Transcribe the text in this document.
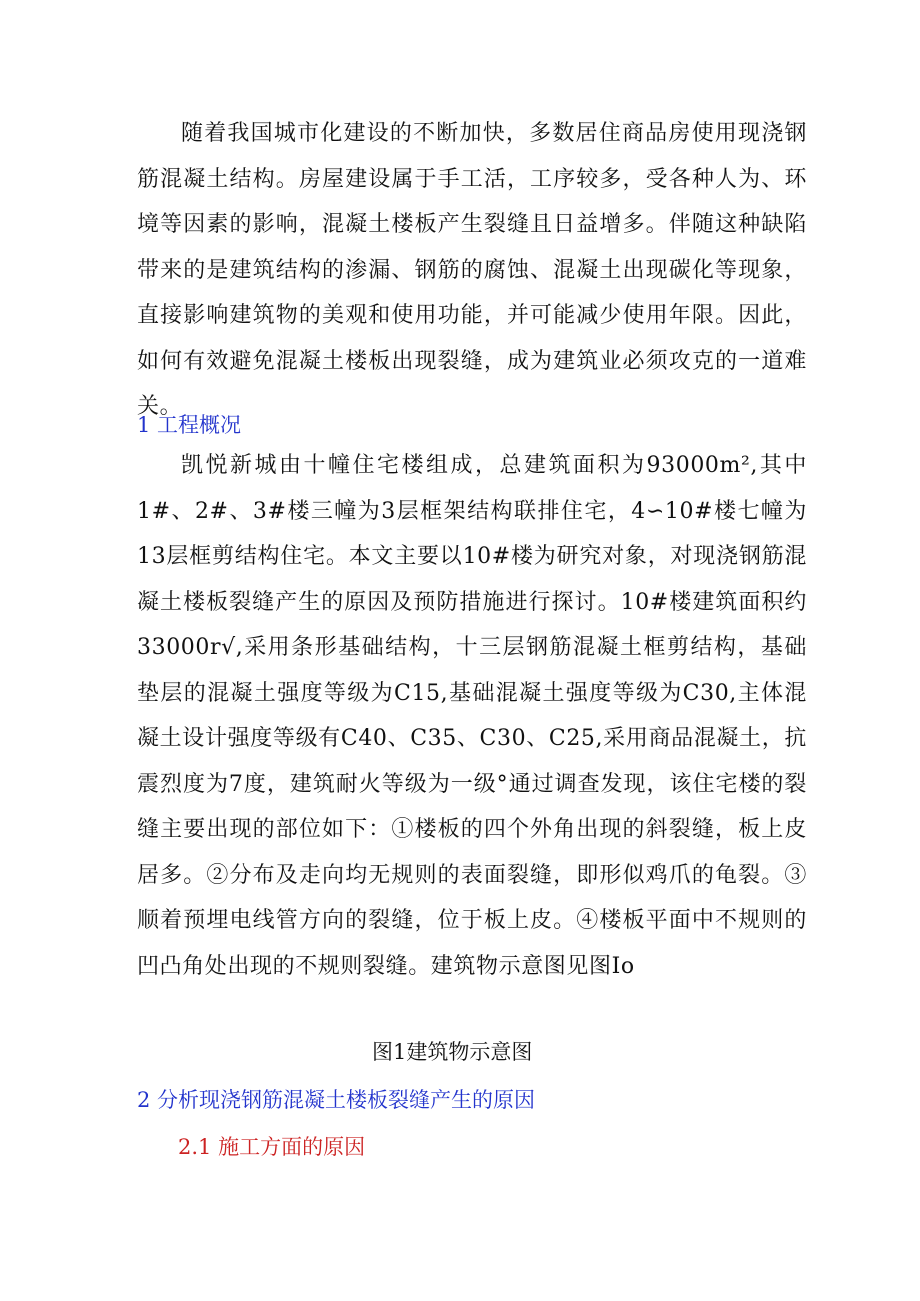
随着我国城市化建设的不断加快，多数居住商品房使用现浇钢筋混凝土结构。房屋建设属于手工活，工序较多，受各种人为、环境等因素的影响，混凝土楼板产生裂缝且日益增多。伴随这种缺陷带来的是建筑结构的渗漏、钢筋的腐蚀、混凝土出现碳化等现象，直接影响建筑物的美观和使用功能，并可能减少使用年限。因此，如何有效避免混凝土楼板出现裂缝，成为建筑业必须攻克的一道难关。

1 工程概况

凯悦新城由十幢住宅楼组成，总建筑面积为93000m²,其中1#、2#、3#楼三幢为3层框架结构联排住宅，4∽10#楼七幢为13层框剪结构住宅。本文主要以10#楼为研究对象，对现浇钢筋混凝土楼板裂缝产生的原因及预防措施进行探讨。10#楼建筑面积约33000r√,采用条形基础结构，十三层钢筋混凝土框剪结构，基础垫层的混凝土强度等级为C15,基础混凝土强度等级为C30,主体混凝土设计强度等级有C40、C35、C30、C25,采用商品混凝土，抗震烈度为7度，建筑耐火等级为一级°通过调查发现，该住宅楼的裂缝主要出现的部位如下：①楼板的四个外角出现的斜裂缝，板上皮居多。②分布及走向均无规则的表面裂缝，即形似鸡爪的龟裂。③顺着预埋电线管方向的裂缝，位于板上皮。④楼板平面中不规则的凹凸角处出现的不规则裂缝。建筑物示意图见图Io

图1建筑物示意图
2 分析现浇钢筋混凝土楼板裂缝产生的原因
2.1 施工方面的原因
